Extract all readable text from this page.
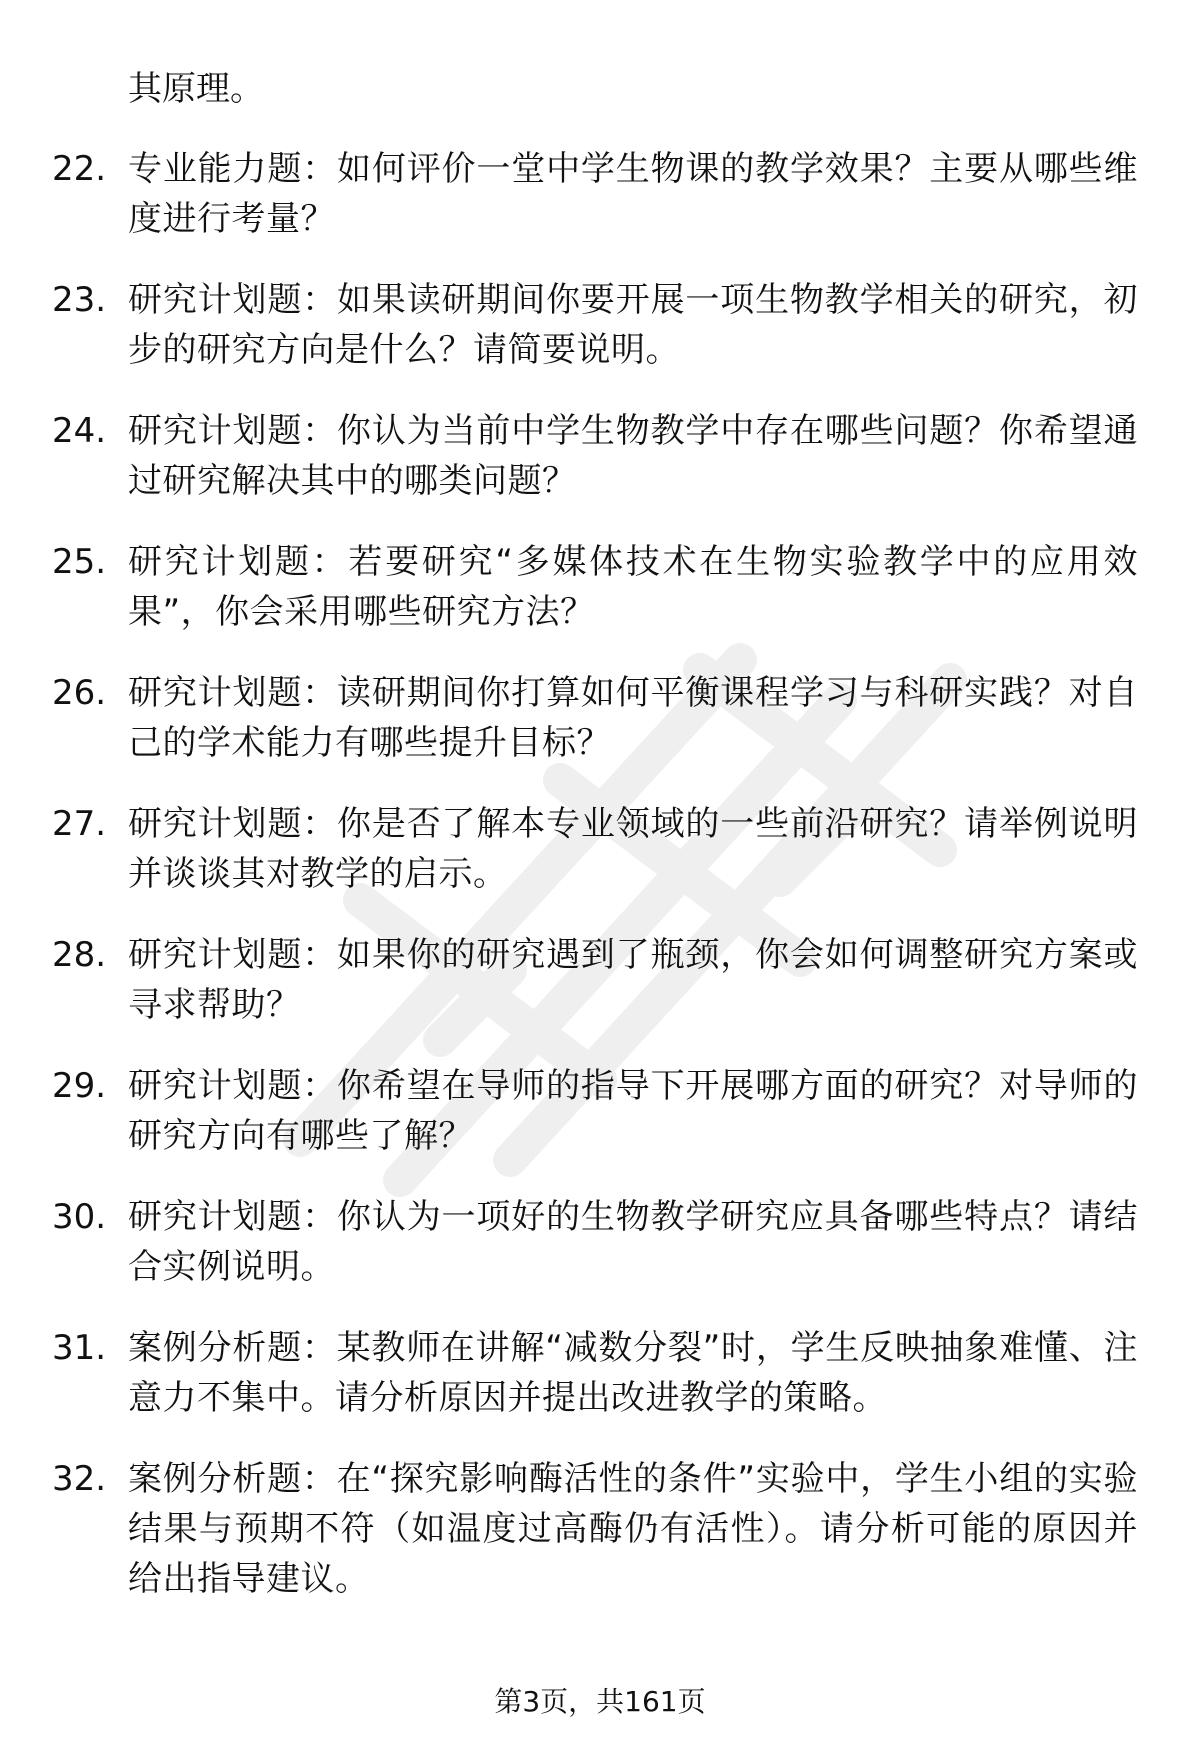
其原理。

22. 专业能力题：如何评价一堂中学生物课的教学效果？主要从哪些维度进行考量？
23. 研究计划题：如果读研期间你要开展一项生物教学相关的研究，初步的研究方向是什么？请简要说明。
24. 研究计划题：你认为当前中学生物教学中存在哪些问题？你希望通过研究解决其中的哪类问题？
25. 研究计划题：若要研究“多媒体技术在生物实验教学中的应用效果”，你会采用哪些研究方法？
26. 研究计划题：读研期间你打算如何平衡课程学习与科研实践？对自己的学术能力有哪些提升目标？
27. 研究计划题：你是否了解本专业领域的一些前沿研究？请举例说明并谈谈其对教学的启示。
28. 研究计划题：如果你的研究遇到了瓶颈，你会如何调整研究方案或寻求帮助？
29. 研究计划题：你希望在导师的指导下开展哪方面的研究？对导师的研究方向有哪些了解？
30. 研究计划题：你认为一项好的生物教学研究应具备哪些特点？请结合实例说明。
31. 案例分析题：某教师在讲解“减数分裂”时，学生反映抽象难懂、注意力不集中。请分析原因并提出改进教学的策略。
32. 案例分析题：在“探究影响酶活性的条件”实验中，学生小组的实验结果与预期不符（如温度过高酶仍有活性）。请分析可能的原因并给出指导建议。
第3页，共161页
